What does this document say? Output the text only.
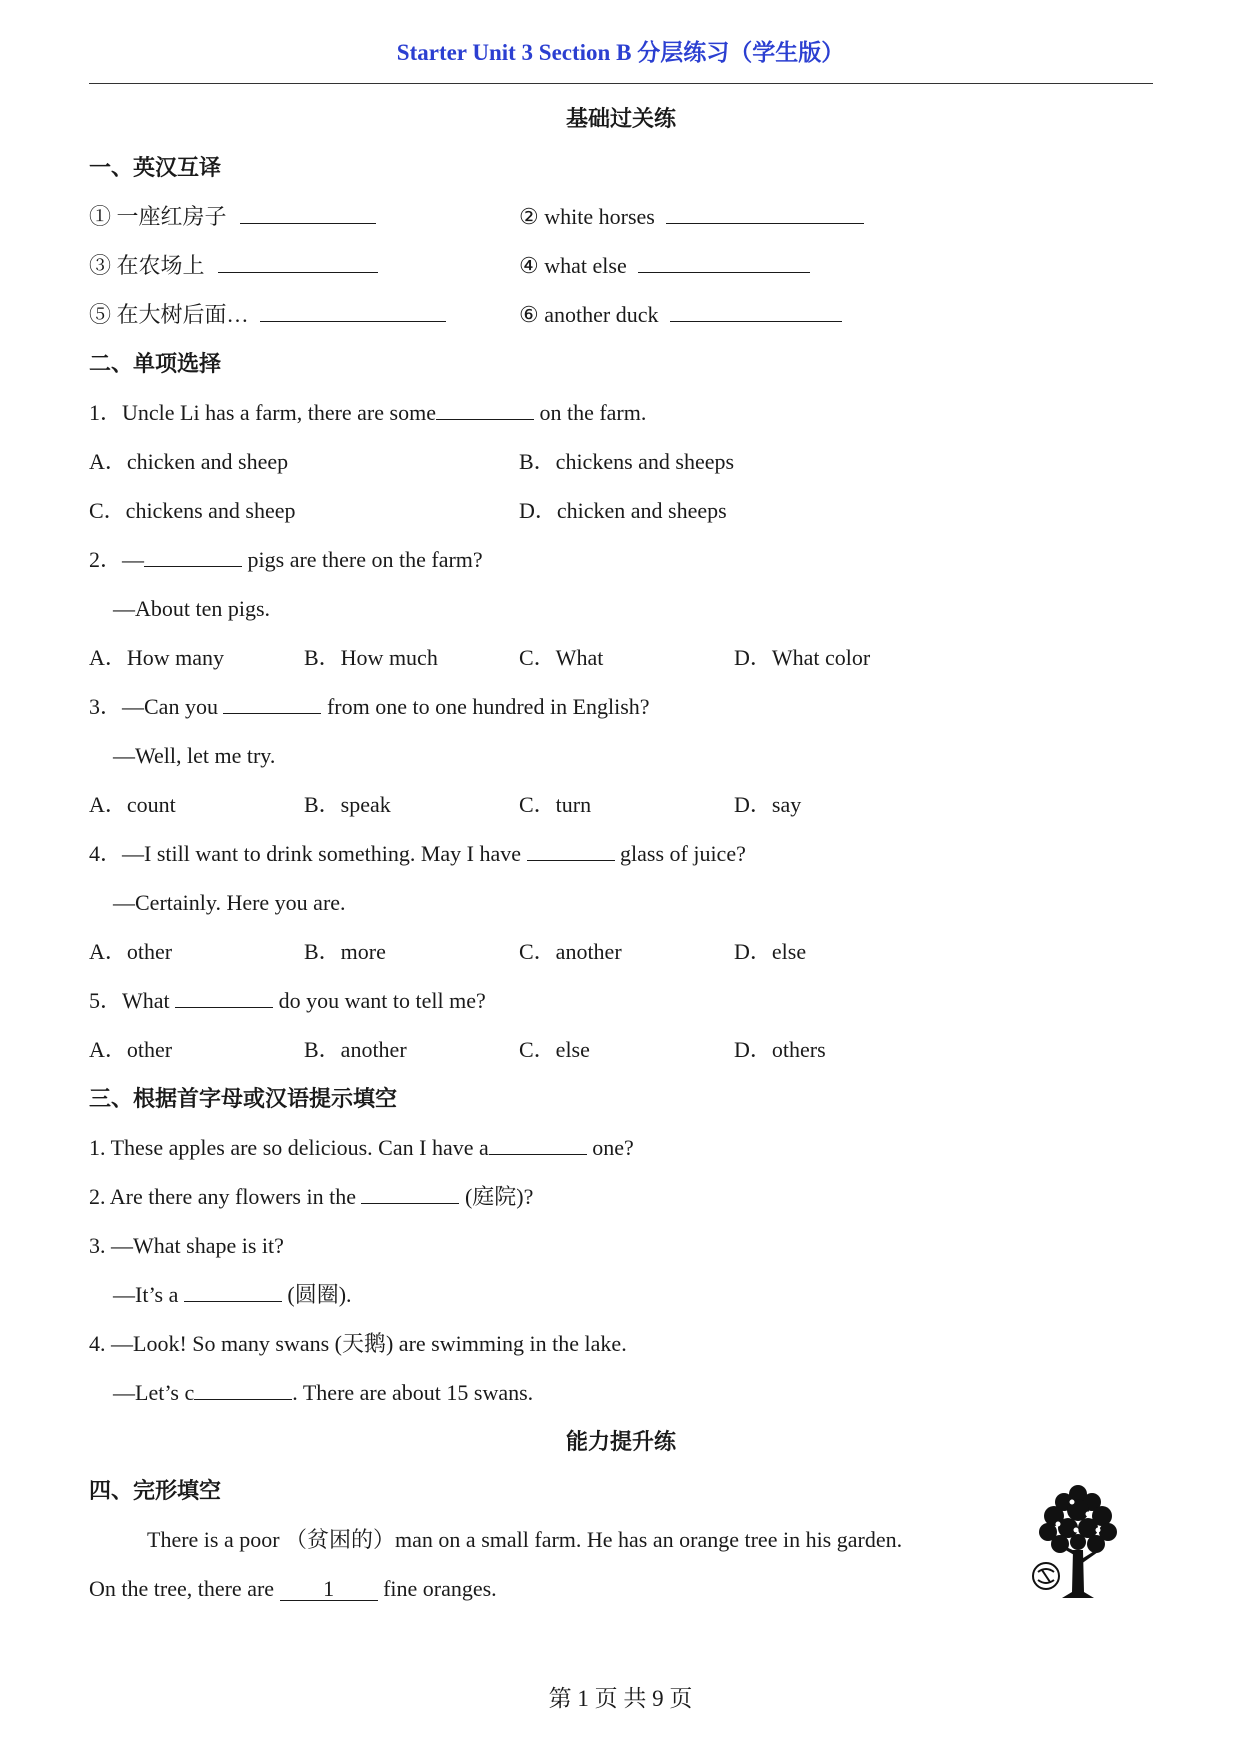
Starter Unit 3 Section B 分层练习（学生版）
基础过关练
一、英汉互译
① 一座红房子	② white horses
③ 在农场上	④ what else
⑤ 在大树后面…	⑥ another duck
二、单项选择
1．Uncle Li has a farm, there are some	on the farm.
A．chicken and sheep	B．chickens and sheeps
C．chickens and sheep	D．chicken and sheeps
2．—	pigs are there on the farm?
—About ten pigs.
A．How many	B．How much	C．What	D．What color
3．—Can you	from one to one hundred in English?
—Well, let me try.
A．count	B．speak	C．turn	D．say
4．—I still want to drink something. May I have	glass of juice?
—Certainly. Here you are.
A．other	B．more	C．another	D．else
5．What	do you want to tell me?
A．other	B．another	C．else	D．others
三、根据首字母或汉语提示填空
1. These apples are so delicious. Can I have a	one?
2. Are there any flowers in the	(庭院)?
3. —What shape is it?
—It’s a	(圆圈).
4. —Look! So many swans (天鹅) are swimming in the lake.
—Let’s c	. There are about 15 swans.
能力提升练
四、完形填空
There is a poor （贫困的）man on a small farm. He has an orange tree in his garden.
On the tree, there are 1 fine oranges.
第 1 页 共 9 页
